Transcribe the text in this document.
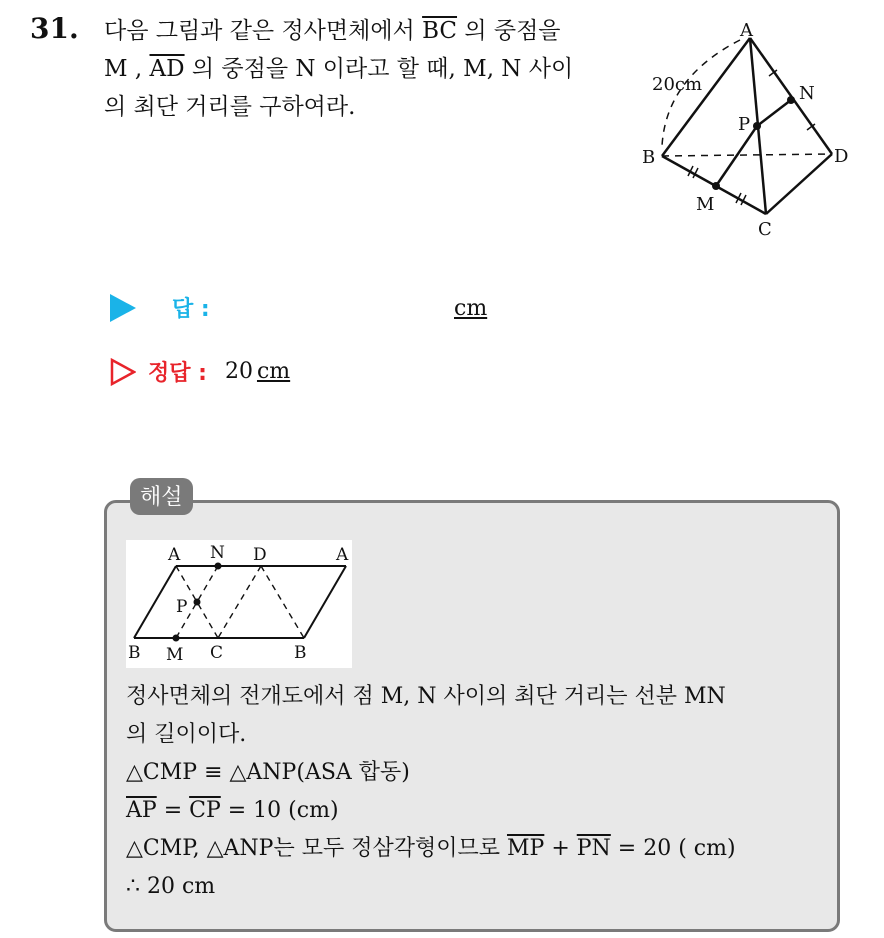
31. 다음 그림과 같은 정사면체에서 $\overline{BC}$ 의 중점을
M , $\overline{AD}$ 의 중점을 N 이라고 할 때, M, N 사이
의 최단 거리를 구하여라.
A
B
C
D
M
N
P
20cm
답 :	cm
정답 : 20 cm
해설
A N D	A
P
B M C	B
정사면체의 전개도에서 점 M, N 사이의 최단 거리는 선분 MN
의 길이이다.
△CMP ≡ △ANP(ASA 합동)
$\overline{AP} = \overline{CP} = 10$ (cm)
△CMP, △ANP는 모두 정삼각형이므로 $\overline{MP} + \overline{PN} = 20$ ( cm)
∴ 20 cm
